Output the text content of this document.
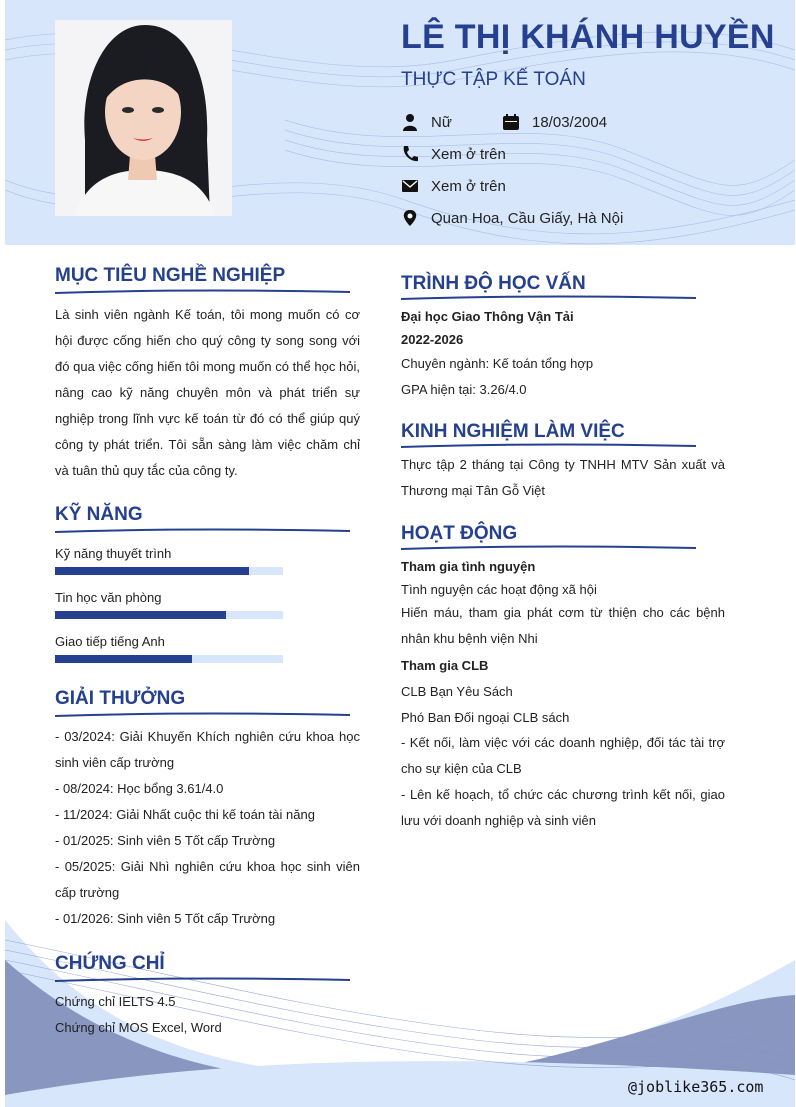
LÊ THỊ KHÁNH HUYỀN
THỰC TẬP KẾ TOÁN
Nữ	18/03/2004
Xem ở trên
Xem ở trên
Quan Hoa, Cầu Giấy, Hà Nội
MỤC TIÊU NGHỀ NGHIỆP
Là sinh viên ngành Kế toán, tôi mong muốn có cơ hội được cống hiến cho quý công ty song song với đó qua việc cống hiến tôi mong muốn có thể học hỏi, nâng cao kỹ năng chuyên môn và phát triển sự nghiệp trong lĩnh vực kế toán từ đó có thể giúp quý công ty phát triển. Tôi sẵn sàng làm việc chăm chỉ và tuân thủ quy tắc của công ty.
KỸ NĂNG
Kỹ năng thuyết trình
Tin học văn phòng
Giao tiếp tiếng Anh
GIẢI THƯỞNG
- 03/2024: Giải Khuyến Khích nghiên cứu khoa học sinh viên cấp trường
- 08/2024: Học bổng 3.61/4.0
- 11/2024: Giải Nhất cuộc thi kế toán tài năng
- 01/2025: Sinh viên 5 Tốt cấp Trường
- 05/2025: Giải Nhì nghiên cứu khoa học sinh viên cấp trường
- 01/2026: Sinh viên 5 Tốt cấp Trường
CHỨNG CHỈ
Chứng chỉ IELTS 4.5
Chứng chỉ MOS Excel, Word
TRÌNH ĐỘ HỌC VẤN
Đại học Giao Thông Vận Tải
2022-2026
Chuyên ngành: Kế toán tổng hợp
GPA hiện tại: 3.26/4.0
KINH NGHIỆM LÀM VIỆC
Thực tập 2 tháng tại Công ty TNHH MTV Sản xuất và Thương mại Tân Gỗ Việt
HOẠT ĐỘNG
Tham gia tình nguyện
Tình nguyện các hoạt động xã hội
Hiến máu, tham gia phát cơm từ thiện cho các bệnh nhân khu bệnh viện Nhi
Tham gia CLB
CLB Bạn Yêu Sách
Phó Ban Đối ngoại CLB sách
- Kết nối, làm việc với các doanh nghiệp, đối tác tài trợ cho sự kiện của CLB
- Lên kế hoạch, tổ chức các chương trình kết nối, giao lưu với doanh nghiệp và sinh viên
@joblike365.com
